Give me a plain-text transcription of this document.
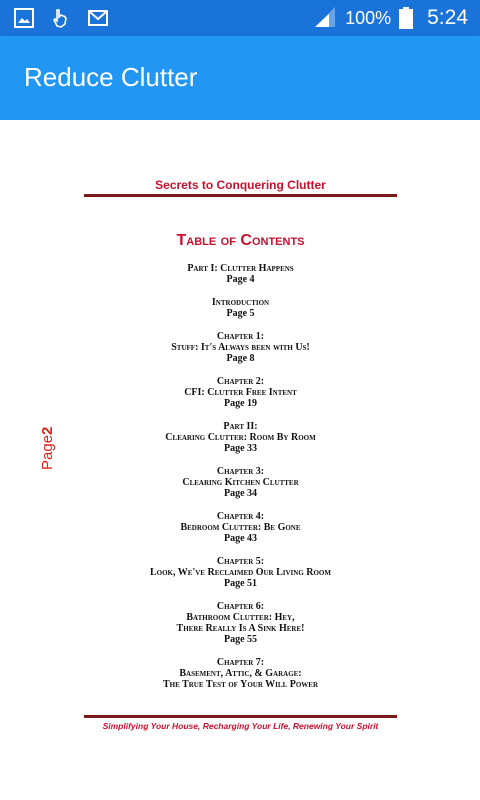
100% 5:24
Reduce Clutter
Secrets to Conquering Clutter
Table of Contents
Part I: Clutter Happens
Page 4
Introduction
Page 5
Chapter 1:
Stuff: It's Always been with Us!
Page 8
Chapter 2:
CFI: Clutter Free Intent
Page 19
Part II:
Clearing Clutter: Room By Room
Page 33
Chapter 3:
Clearing Kitchen Clutter
Page 34
Chapter 4:
Bedroom Clutter: Be Gone
Page 43
Chapter 5:
Look, We've Reclaimed Our Living Room
Page 51
Chapter 6:
Bathroom Clutter: Hey,
There Really Is A Sink Here!
Page 55
Chapter 7:
Basement, Attic, & Garage:
The True Test of Your Will Power
Page2
Simplifying Your House, Recharging Your Life, Renewing Your Spirit
